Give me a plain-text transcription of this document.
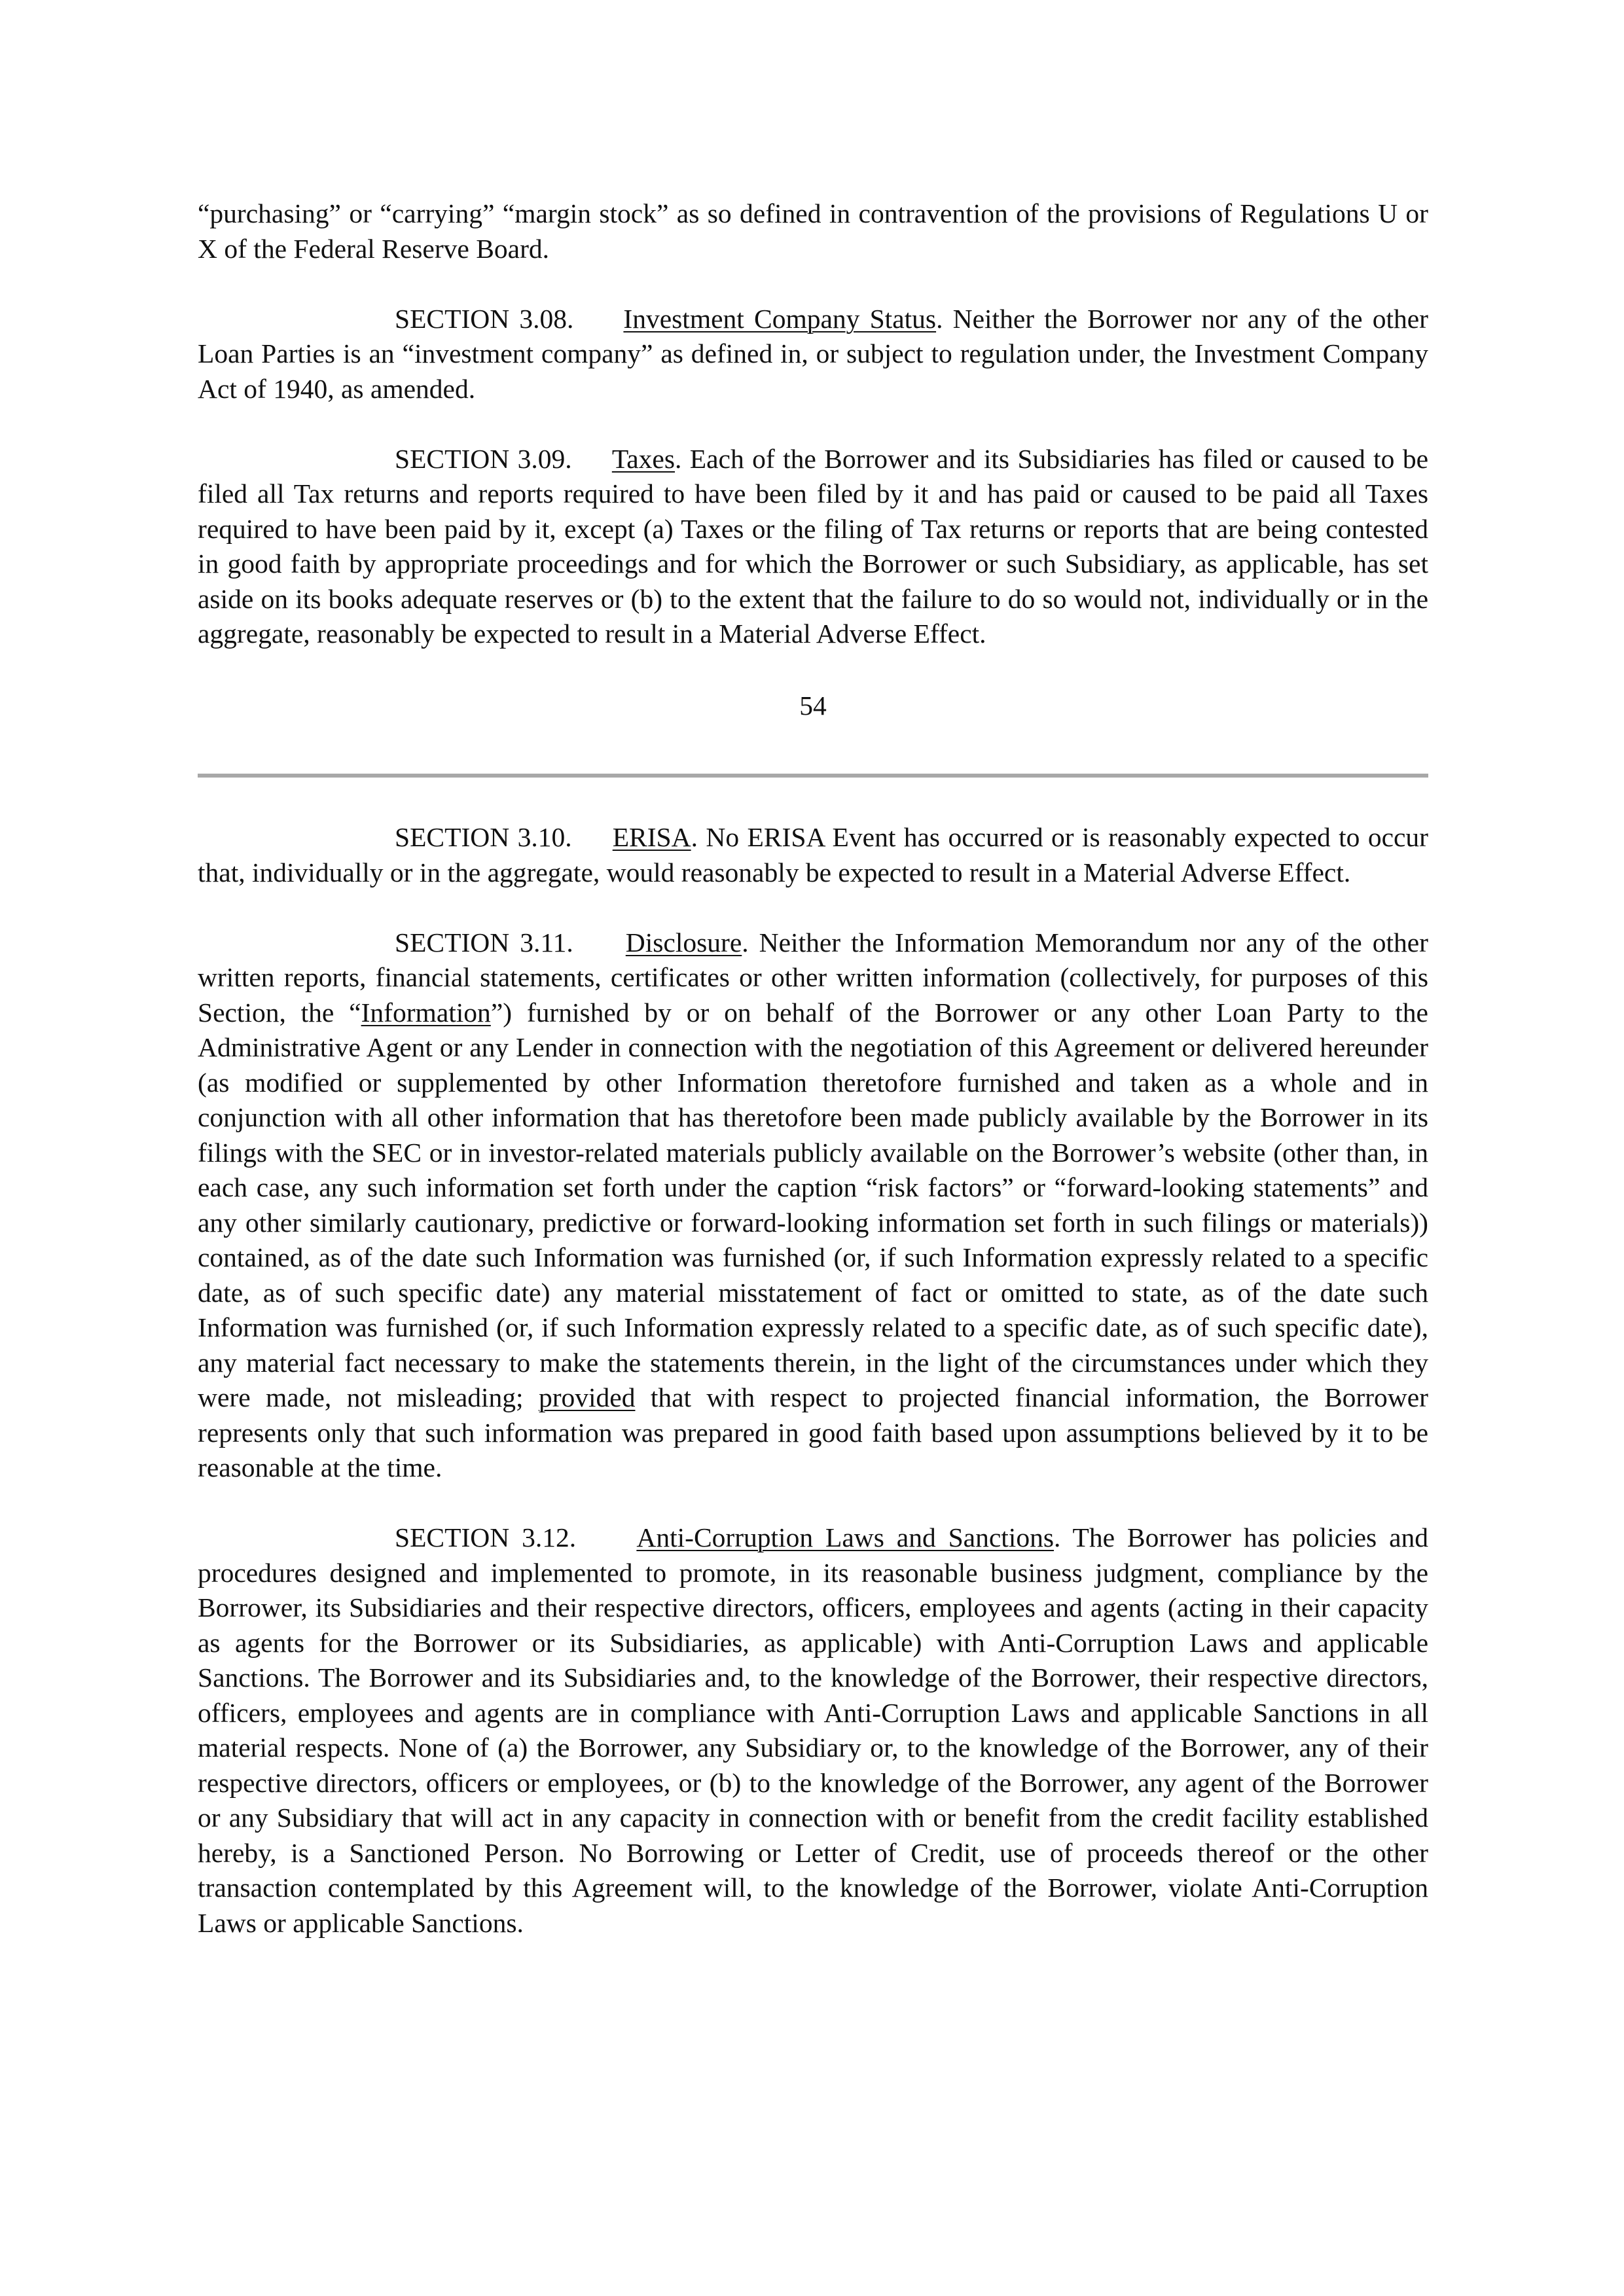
“purchasing” or “carrying” “margin stock” as so defined in contravention of the provisions of Regulations U or X of the Federal Reserve Board.

SECTION 3.08. Investment Company Status. Neither the Borrower nor any of the other Loan Parties is an “investment company” as defined in, or subject to regulation under, the Investment Company Act of 1940, as amended.

SECTION 3.09. Taxes. Each of the Borrower and its Subsidiaries has filed or caused to be filed all Tax returns and reports required to have been filed by it and has paid or caused to be paid all Taxes required to have been paid by it, except (a) Taxes or the filing of Tax returns or reports that are being contested in good faith by appropriate proceedings and for which the Borrower or such Subsidiary, as applicable, has set aside on its books adequate reserves or (b) to the extent that the failure to do so would not, individually or in the aggregate, reasonably be expected to result in a Material Adverse Effect.

54

SECTION 3.10. ERISA. No ERISA Event has occurred or is reasonably expected to occur that, individually or in the aggregate, would reasonably be expected to result in a Material Adverse Effect.

SECTION 3.11. Disclosure. Neither the Information Memorandum nor any of the other written reports, financial statements, certificates or other written information (collectively, for purposes of this Section, the “Information”) furnished by or on behalf of the Borrower or any other Loan Party to the Administrative Agent or any Lender in connection with the negotiation of this Agreement or delivered hereunder (as modified or supplemented by other Information theretofore furnished and taken as a whole and in conjunction with all other information that has theretofore been made publicly available by the Borrower in its filings with the SEC or in investor-related materials publicly available on the Borrower’s website (other than, in each case, any such information set forth under the caption “risk factors” or “forward-looking statements” and any other similarly cautionary, predictive or forward-looking information set forth in such filings or materials)) contained, as of the date such Information was furnished (or, if such Information expressly related to a specific date, as of such specific date) any material misstatement of fact or omitted to state, as of the date such Information was furnished (or, if such Information expressly related to a specific date, as of such specific date), any material fact necessary to make the statements therein, in the light of the circumstances under which they were made, not misleading; provided that with respect to projected financial information, the Borrower represents only that such information was prepared in good faith based upon assumptions believed by it to be reasonable at the time.

SECTION 3.12. Anti-Corruption Laws and Sanctions. The Borrower has policies and procedures designed and implemented to promote, in its reasonable business judgment, compliance by the Borrower, its Subsidiaries and their respective directors, officers, employees and agents (acting in their capacity as agents for the Borrower or its Subsidiaries, as applicable) with Anti-Corruption Laws and applicable Sanctions. The Borrower and its Subsidiaries and, to the knowledge of the Borrower, their respective directors, officers, employees and agents are in compliance with Anti-Corruption Laws and applicable Sanctions in all material respects. None of (a) the Borrower, any Subsidiary or, to the knowledge of the Borrower, any of their respective directors, officers or employees, or (b) to the knowledge of the Borrower, any agent of the Borrower or any Subsidiary that will act in any capacity in connection with or benefit from the credit facility established hereby, is a Sanctioned Person. No Borrowing or Letter of Credit, use of proceeds thereof or the other transaction contemplated by this Agreement will, to the knowledge of the Borrower, violate Anti-Corruption Laws or applicable Sanctions.
